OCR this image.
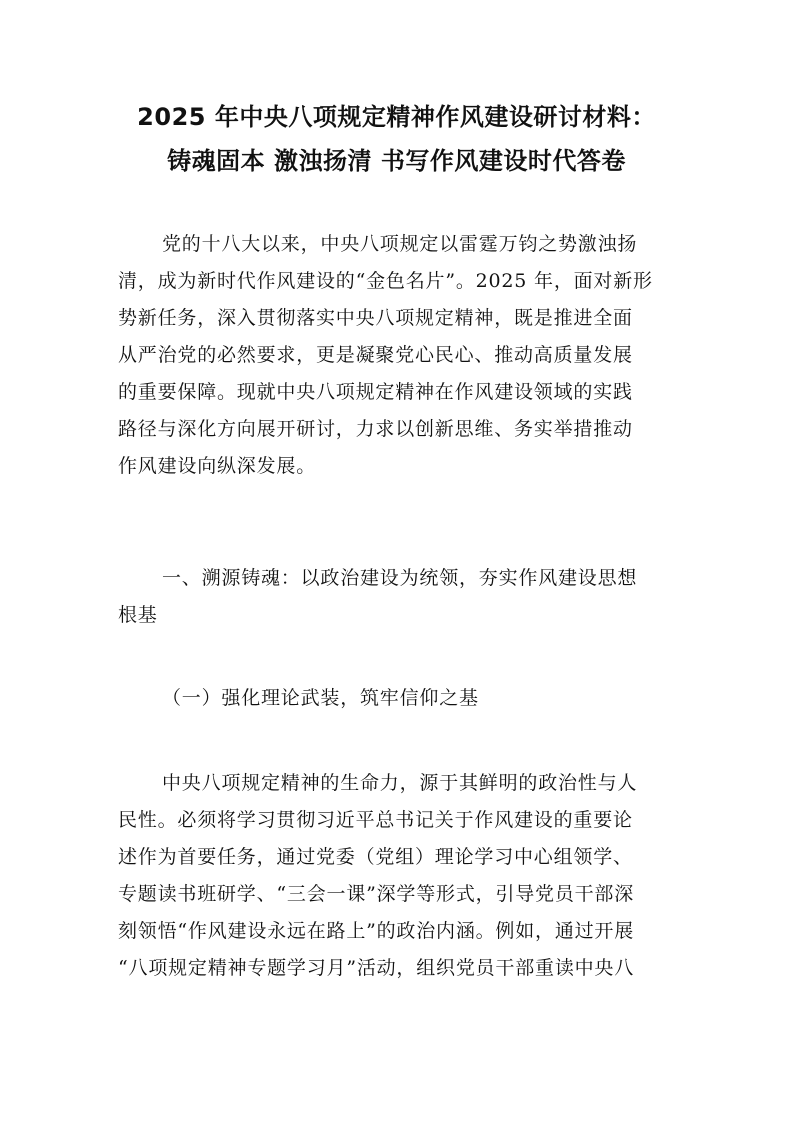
2025 年中央八项规定精神作风建设研讨材料：
铸魂固本 激浊扬清 书写作风建设时代答卷
党的十八大以来，中央八项规定以雷霆万钧之势激浊扬
清，成为新时代作风建设的“金色名片”。2025 年，面对新形
势新任务，深入贯彻落实中央八项规定精神，既是推进全面
从严治党的必然要求，更是凝聚党心民心、推动高质量发展
的重要保障。现就中央八项规定精神在作风建设领域的实践
路径与深化方向展开研讨，力求以创新思维、务实举措推动
作风建设向纵深发展。
一、溯源铸魂：以政治建设为统领，夯实作风建设思想
根基
（一）强化理论武装，筑牢信仰之基
中央八项规定精神的生命力，源于其鲜明的政治性与人
民性。必须将学习贯彻习近平总书记关于作风建设的重要论
述作为首要任务，通过党委（党组）理论学习中心组领学、
专题读书班研学、“三会一课”深学等形式，引导党员干部深
刻领悟“作风建设永远在路上”的政治内涵。例如，通过开展
“八项规定精神专题学习月”活动，组织党员干部重读中央八
